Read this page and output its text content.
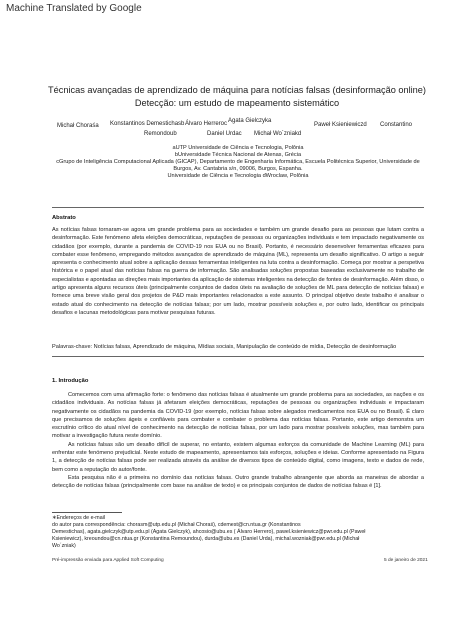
Machine Translated by Google
Técnicas avançadas de aprendizado de máquina para notícias falsas (desinformação online)
Detecção: um estudo de mapeamento sistemático
Michał Choraśa Konstantinos Demestichasb Álvaro Herreroc Agata Gielczyka
Paweł Ksieniewiczd Constantino
Remondoub	Daniel Urdac Michał Wo´zniakd
aUTP Universidade de Ciência e Tecnologia, Polônia
bUniversidade Técnica Nacional de Atenas, Grécia
cGrupo de Inteligência Computacional Aplicada (GICAP), Departamento de Engenharia Informática, Escuela Politécnica Superior, Universidade de
Burgos, Av. Cantabria s/n, 09006, Burgos, Espanha.
Universidade de Ciência e Tecnologia dWroclaw, Polônia
Abstrato
As notícias falsas tornaram-se agora um grande problema para as sociedades e também um grande desafio para as pessoas que lutam contra a desinformação. Este fenómeno afeta eleições democráticas, reputações de pessoas ou organizações individuais e tem impactado negativamente os cidadãos (por exemplo, durante a pandemia de COVID-19 nos EUA ou no Brasil). Portanto, é necessário desenvolver ferramentas eficazes para combater esse fenômeno, empregando métodos avançados de aprendizado de máquina (ML), representa um desafio significativo. O artigo a seguir apresenta o conhecimento atual sobre a aplicação dessas ferramentas inteligentes na luta contra a desinformação. Começa por mostrar a perspetiva histórica e o papel atual das notícias falsas na guerra de informação. São analisadas soluções propostas baseadas exclusivamente no trabalho de especialistas e apontadas as direções mais importantes da aplicação de sistemas inteligentes na detecção de fontes de desinformação. Além disso, o artigo apresenta alguns recursos úteis (principalmente conjuntos de dados úteis na avaliação de soluções de ML para detecção de notícias falsas) e fornece uma breve visão geral dos projetos de P&D mais importantes relacionados a este assunto. O principal objetivo deste trabalho é analisar o estado atual do conhecimento na detecção de notícias falsas; por um lado, mostrar possíveis soluções e, por outro lado, identificar os principais desafios e lacunas metodológicas para motivar pesquisas futuras.
Palavras-chave: Notícias falsas, Aprendizado de máquina, Mídias sociais, Manipulação de conteúdo de mídia, Detecção de desinformação
1. Introdução

Comecemos com uma afirmação forte: o fenômeno das notícias falsas é atualmente um grande problema para as sociedades, as nações e os cidadãos individuais. As notícias falsas já afetaram eleições democráticas, reputações de pessoas ou organizações individuais e impactaram negativamente os cidadãos na pandemia da COVID-19 (por exemplo, notícias falsas sobre alegados medicamentos nos EUA ou no Brasil). É claro que precisamos de soluções ágeis e confiáveis para combater e combater o problema das notícias falsas. Portanto, este artigo demonstra um escrutínio crítico do atual nível de conhecimento na detecção de notícias falsas, por um lado para mostrar possíveis soluções, mas também para motivar a investigação futura neste domínio.

As notícias falsas são um desafio difícil de superar, no entanto, existem algumas esforços da comunidade de Machine Learning (ML) para enfrentar este fenómeno prejudicial. Neste estudo de mapeamento, apresentamos tais esforços, soluções e ideias. Conforme apresentado na Figura 1, a detecção de notícias falsas pode ser realizada através da análise de diversos tipos de conteúdo digital, como imagens, texto e dados de rede, bem como a reputação do autor/fonte.

Esta pesquisa não é a primeira no domínio das notícias falsas. Outro grande trabalho abrangente que aborda as maneiras de abordar a detecção de notícias falsas (principalmente com base na análise de texto) e os principais conjuntos de dados de notícias falsas é [1].

∗Endereços de e-mail
do autor para correspondência: chorasm@utp.edu.pl (Michał Choraś), cdemest@cn.ntua.gr (Konstantinos
Demestichas), agata.gielczyk@utp.edu.pl (Agata Gielczyk), ahcosio@ubu.es ( Álvaro Herrero), pawel.ksieniewicz@pwr.edu.pl (Paweł
Ksieniewicz), kreoundou@cn.ntua.gr (Konstantina Remoundou), durda@ubu.es (Daniel Urda), michal.wozniak@pwr.edu.pl (Michał
Wo´zniak)
Pré-impressão enviada para Applied Soft Computing	5 de janeiro de 2021
